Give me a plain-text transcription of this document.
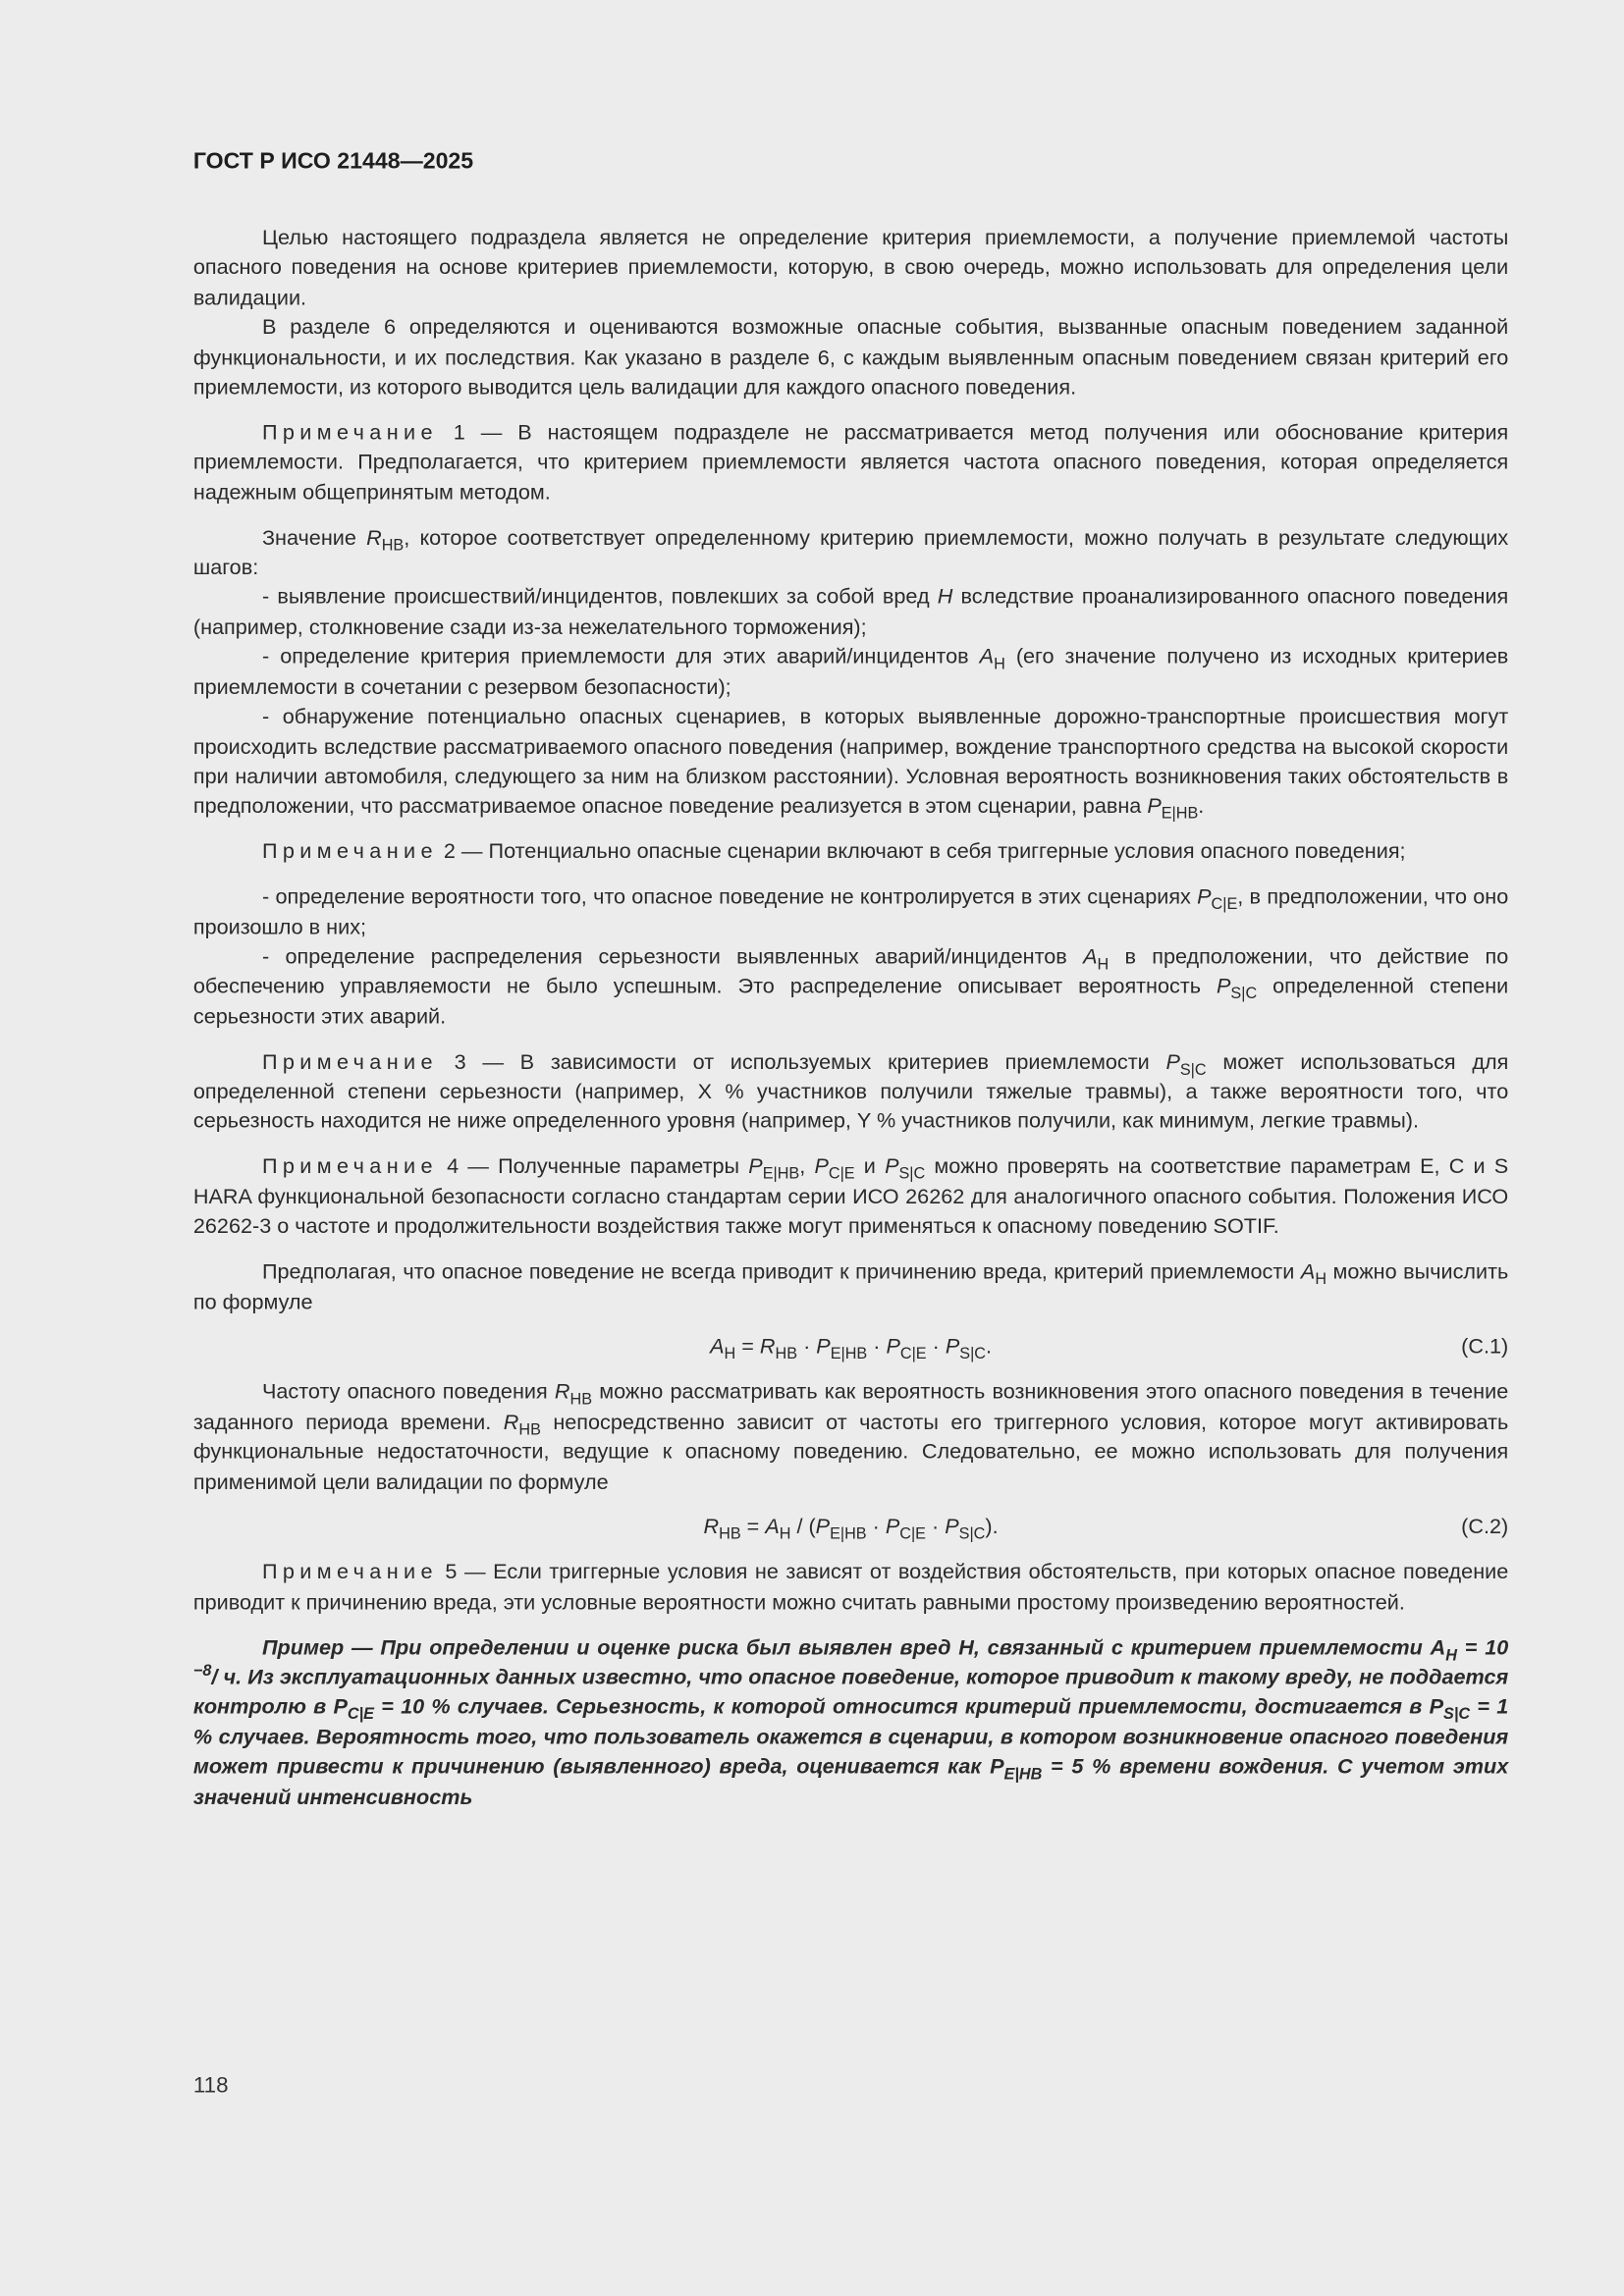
ГОСТ Р ИСО 21448—2025

Целью настоящего подраздела является не определение критерия приемлемости, а получение приемлемой частоты опасного поведения на основе критериев приемлемости, которую, в свою очередь, можно использовать для определения цели валидации.

В разделе 6 определяются и оцениваются возможные опасные события, вызванные опасным поведением заданной функциональности, и их последствия. Как указано в разделе 6, с каждым выявленным опасным поведением связан критерий его приемлемости, из которого выводится цель валидации для каждого опасного поведения.

Примечание 1 — В настоящем подразделе не рассматривается метод получения или обоснование критерия приемлемости. Предполагается, что критерием приемлемости является частота опасного поведения, которая определяется надежным общепринятым методом.

Значение $R_{HB}$, которое соответствует определенному критерию приемлемости, можно получать в результате следующих шагов:

- выявление происшествий/инцидентов, повлекших за собой вред H вследствие проанализированного опасного поведения (например, столкновение сзади из-за нежелательного торможения);

- определение критерия приемлемости для этих аварий/инцидентов $A_H$ (его значение получено из исходных критериев приемлемости в сочетании с резервом безопасности);

- обнаружение потенциально опасных сценариев, в которых выявленные дорожно-транспортные происшествия могут происходить вследствие рассматриваемого опасного поведения (например, вождение транспортного средства на высокой скорости при наличии автомобиля, следующего за ним на близком расстоянии). Условная вероятность возникновения таких обстоятельств в предположении, что рассматриваемое опасное поведение реализуется в этом сценарии, равна $P_{E|HB}$.

Примечание 2 — Потенциально опасные сценарии включают в себя триггерные условия опасного поведения;

- определение вероятности того, что опасное поведение не контролируется в этих сценариях $P_{C|E}$, в предположении, что оно произошло в них;

- определение распределения серьезности выявленных аварий/инцидентов $A_H$ в предположении, что действие по обеспечению управляемости не было успешным. Это распределение описывает вероятность $P_{S|C}$ определенной степени серьезности этих аварий.

Примечание 3 — В зависимости от используемых критериев приемлемости $P_{S|C}$ может использоваться для определенной степени серьезности (например, X % участников получили тяжелые травмы), а также вероятности того, что серьезность находится не ниже определенного уровня (например, Y % участников получили, как минимум, легкие травмы).

Примечание 4 — Полученные параметры $P_{E|HB}$, $P_{C|E}$ и $P_{S|C}$ можно проверять на соответствие параметрам E, C и S HARA функциональной безопасности согласно стандартам серии ИСО 26262 для аналогичного опасного события. Положения ИСО 26262-3 о частоте и продолжительности воздействия также могут применяться к опасному поведению SOTIF.

Предполагая, что опасное поведение не всегда приводит к причинению вреда, критерий приемлемости $A_H$ можно вычислить по формуле

$A_H = R_{HB} \cdot P_{E|HB} \cdot P_{C|E} \cdot P_{S|C}$.	(C.1)

Частоту опасного поведения $R_{HB}$ можно рассматривать как вероятность возникновения этого опасного поведения в течение заданного периода времени. $R_{HB}$ непосредственно зависит от частоты его триггерного условия, которое могут активировать функциональные недостаточности, ведущие к опасному поведению. Следовательно, ее можно использовать для получения применимой цели валидации по формуле

$R_{HB} = A_H / (P_{E|HB} \cdot P_{C|E} \cdot P_{S|C})$.	(C.2)

Примечание 5 — Если триггерные условия не зависят от воздействия обстоятельств, при которых опасное поведение приводит к причинению вреда, эти условные вероятности можно считать равными простому произведению вероятностей.

Пример — При определении и оценке риска был выявлен вред H, связанный с критерием приемлемости $A_H = 10$ $^{-8}$/ ч. Из эксплуатационных данных известно, что опасное поведение, которое приводит к такому вреду, не поддается контролю в $P_{C|E} = 10$ % случаев. Серьезность, к которой относится критерий приемлемости, достигается в $P_{S|C} = 1$ % случаев. Вероятность того, что пользователь окажется в сценарии, в котором возникновение опасного поведения может привести к причинению (выявленного) вреда, оценивается как $P_{E|HB} = 5$ % времени вождения. С учетом этих значений интенсивность

118
